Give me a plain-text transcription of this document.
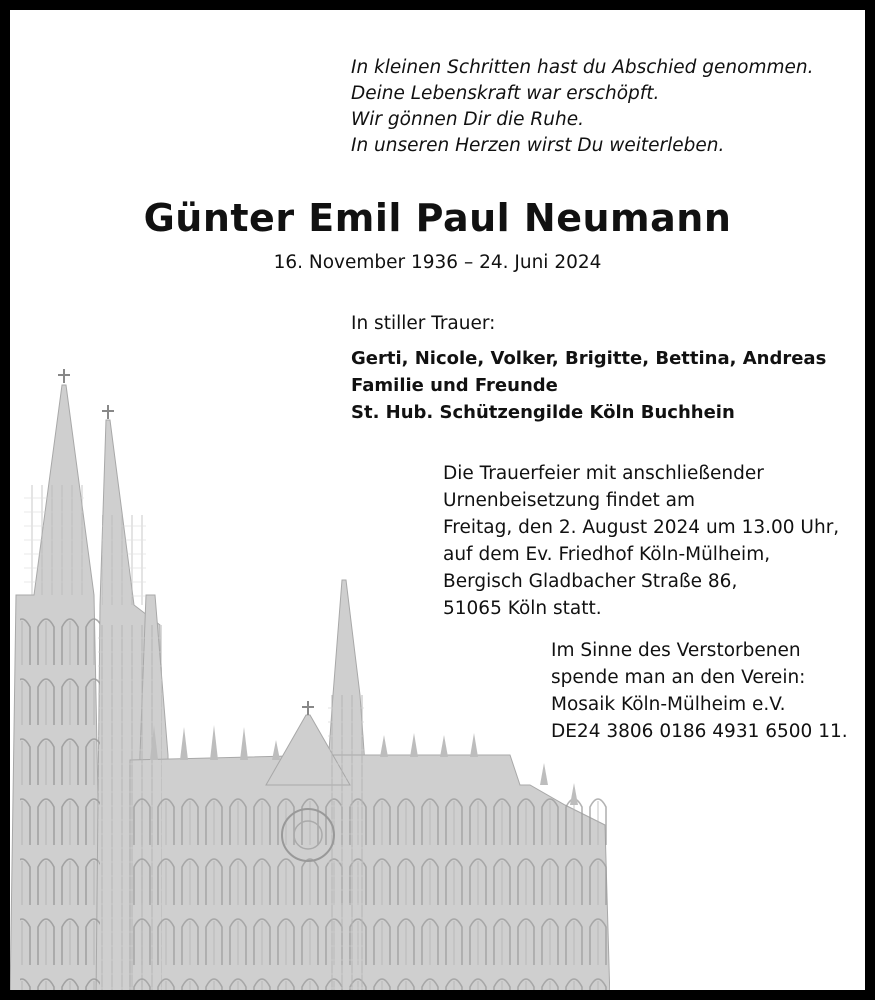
In kleinen Schritten hast du Abschied genommen.
Deine Lebenskraft war erschöpft.
Wir gönnen Dir die Ruhe.
In unseren Herzen wirst Du weiterleben.
Günter Emil Paul Neumann
16. November 1936 – 24. Juni 2024
In stiller Trauer:
Gerti, Nicole, Volker, Brigitte, Bettina, Andreas
Familie und Freunde
St. Hub. Schützengilde Köln Buchhein
Die Trauerfeier mit anschließender
Urnenbeisetzung findet am
Freitag, den 2. August 2024 um 13.00 Uhr,
auf dem Ev. Friedhof Köln-Mülheim,
Bergisch Gladbacher Straße 86,
51065 Köln statt.
Im Sinne des Verstorbenen
spende man an den Verein:
Mosaik Köln-Mülheim e.V.
DE24 3806 0186 4931 6500 11.
